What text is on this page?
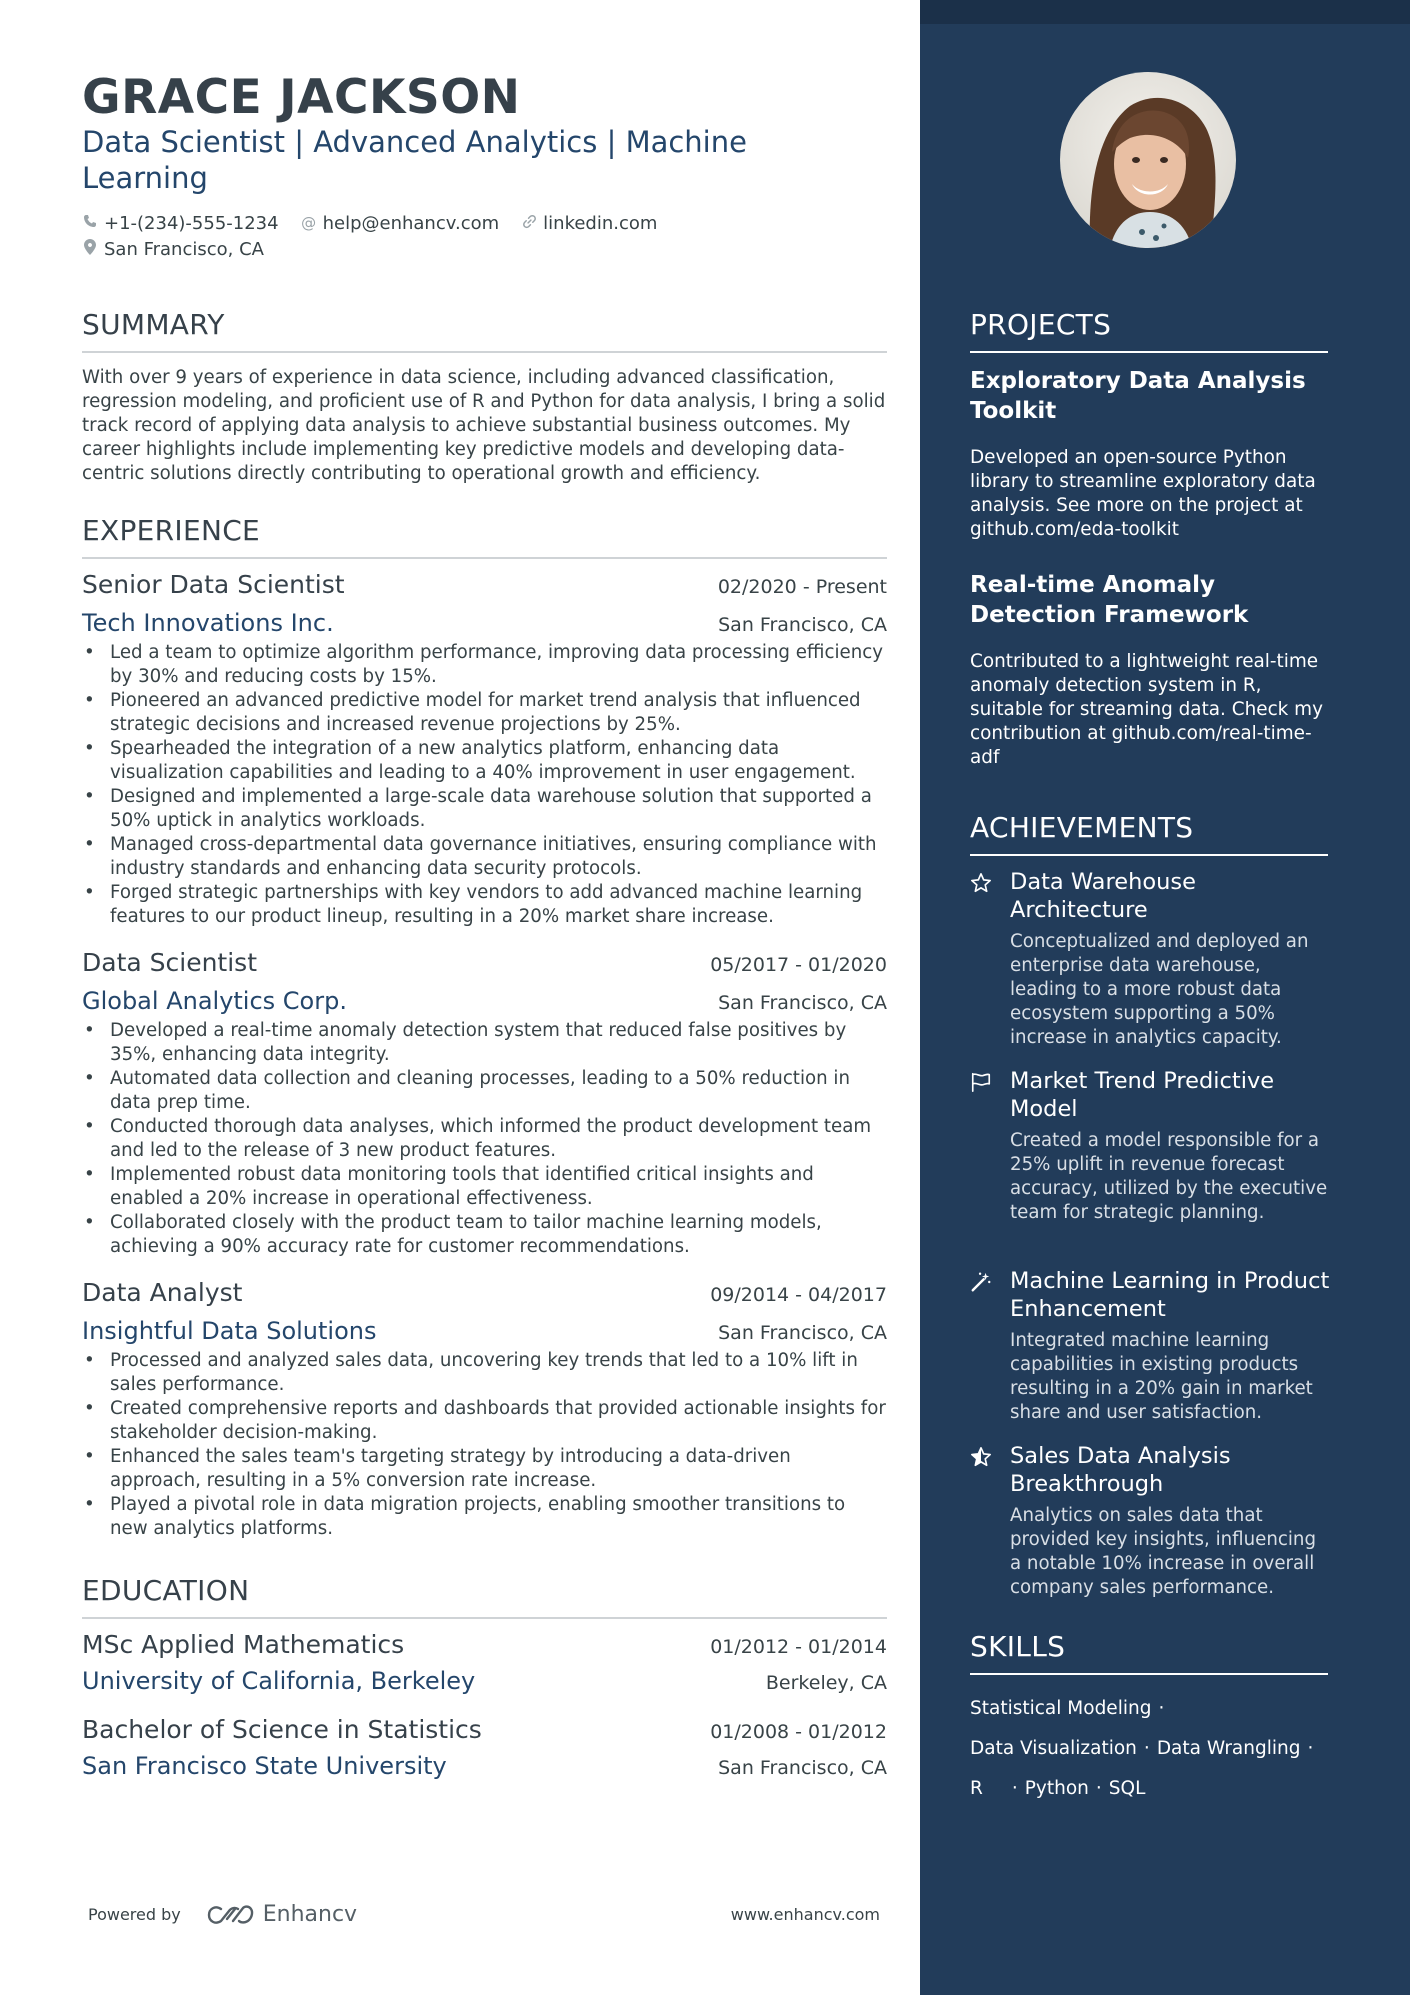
GRACE JACKSON
Data Scientist | Advanced Analytics | Machine Learning
+1-(234)-555-1234 @ help@enhancv.com linkedin.com
San Francisco, CA
SUMMARY
With over 9 years of experience in data science, including advanced classification, regression modeling, and proficient use of R and Python for data analysis, I bring a solid track record of applying data analysis to achieve substantial business outcomes. My career highlights include implementing key predictive models and developing data-centric solutions directly contributing to operational growth and efficiency.
EXPERIENCE
Senior Data Scientist	02/2020 - Present
Tech Innovations Inc.	San Francisco, CA
• Led a team to optimize algorithm performance, improving data processing efficiency by 30% and reducing costs by 15%.
• Pioneered an advanced predictive model for market trend analysis that influenced strategic decisions and increased revenue projections by 25%.
• Spearheaded the integration of a new analytics platform, enhancing data visualization capabilities and leading to a 40% improvement in user engagement.
• Designed and implemented a large-scale data warehouse solution that supported a 50% uptick in analytics workloads.
• Managed cross-departmental data governance initiatives, ensuring compliance with industry standards and enhancing data security protocols.
• Forged strategic partnerships with key vendors to add advanced machine learning features to our product lineup, resulting in a 20% market share increase.
Data Scientist	05/2017 - 01/2020
Global Analytics Corp.	San Francisco, CA
• Developed a real-time anomaly detection system that reduced false positives by 35%, enhancing data integrity.
• Automated data collection and cleaning processes, leading to a 50% reduction in data prep time.
• Conducted thorough data analyses, which informed the product development team and led to the release of 3 new product features.
• Implemented robust data monitoring tools that identified critical insights and enabled a 20% increase in operational effectiveness.
• Collaborated closely with the product team to tailor machine learning models, achieving a 90% accuracy rate for customer recommendations.
Data Analyst	09/2014 - 04/2017
Insightful Data Solutions	San Francisco, CA
• Processed and analyzed sales data, uncovering key trends that led to a 10% lift in sales performance.
• Created comprehensive reports and dashboards that provided actionable insights for stakeholder decision-making.
• Enhanced the sales team's targeting strategy by introducing a data-driven approach, resulting in a 5% conversion rate increase.
• Played a pivotal role in data migration projects, enabling smoother transitions to new analytics platforms.
EDUCATION
MSc Applied Mathematics	01/2012 - 01/2014
University of California, Berkeley	Berkeley, CA
Bachelor of Science in Statistics	01/2008 - 01/2012
San Francisco State University	San Francisco, CA
Powered by	Enhancv	www.enhancv.com
PROJECTS
Exploratory Data Analysis Toolkit
Developed an open-source Python library to streamline exploratory data analysis. See more on the project at github.com/eda-toolkit
Real-time Anomaly Detection Framework
Contributed to a lightweight real-time anomaly detection system in R, suitable for streaming data. Check my contribution at github.com/real-time-adf
ACHIEVEMENTS
Data Warehouse Architecture
Conceptualized and deployed an enterprise data warehouse, leading to a more robust data ecosystem supporting a 50% increase in analytics capacity.
Market Trend Predictive Model
Created a model responsible for a 25% uplift in revenue forecast accuracy, utilized by the executive team for strategic planning.
Machine Learning in Product Enhancement
Integrated machine learning capabilities in existing products resulting in a 20% gain in market share and user satisfaction.
Sales Data Analysis Breakthrough
Analytics on sales data that provided key insights, influencing a notable 10% increase in overall company sales performance.
SKILLS
Statistical Modeling ·
Data Visualization · Data Wrangling ·
R · Python · SQL
